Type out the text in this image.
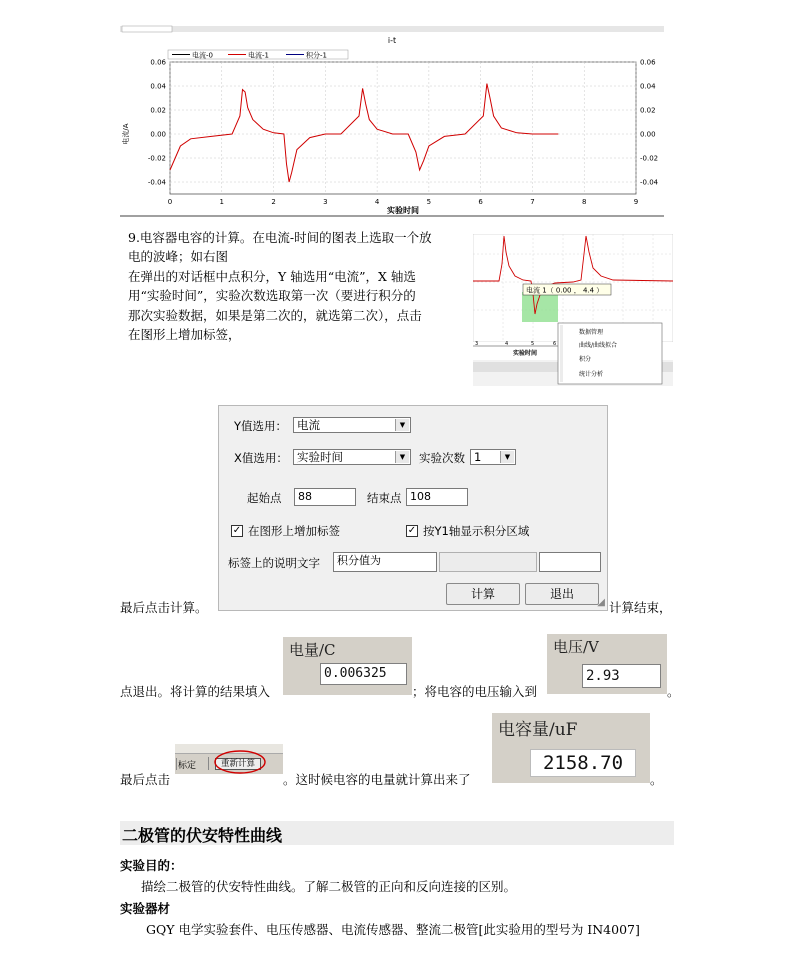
i-t
电流-0	电流-1	积分-1
0.06	0.06
0.04	0.04
0.02	0.02
0.00	0.00
-0.02	-0.02
-0.04	-0.04
0	1	2	3	4	5	6	7	8	9
电流/A
实验时间

9.电容器电容的计算。在电流-时间的图表上选取一个放

电的波峰；如右图

在弹出的对话框中点积分，Y 轴选用“电流”，X 轴选

用“实验时间”，实验次数选取第一次（要进行积分的

那次实验数据，如果是第二次的，就选第二次），点击

在图形上增加标签，

电流 1（ 0.00 ， 4.4 ）
3	4	5	6
实验时间
数据管理
曲线/曲线拟合
积分
统计分析
Y值选用： 电流	▼
X值选用： 实验时间	▼	实验次数 1	▼
起始点	88	结束点 108
✓ 在图形上增加标签	✓ 按Y1轴显示积分区域
标签上的说明文字	积分值为
计算	退出
◢
最后点击计算。	计算结束，
点退出。将计算的结果填入
电量/C
0.006325
；将电容的电压输入到
电压/V
2.93
。
最后点击
标定	重新计算
。这时候电容的电量就计算出来了
电容量/uF
2158.70
。
二极管的伏安特性曲线
实验目的：
描绘二极管的伏安特性曲线。了解二极管的正向和反向连接的区别。
实验器材
GQY 电学实验套件、电压传感器、电流传感器、整流二极管[此实验用的型号为 IN4007]
